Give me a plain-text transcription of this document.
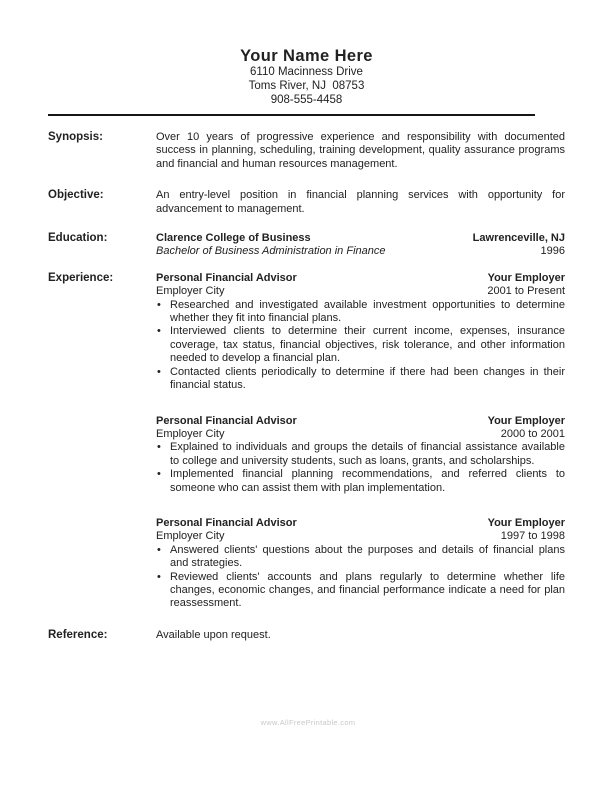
Your Name Here
6110 Macinness Drive
Toms River, NJ  08753
908-555-4458
Synopsis:	Over 10 years of progressive experience and responsibility with documented success in planning, scheduling, training development, quality assurance programs and financial and human resources management.
Objective:	An entry-level position in financial planning services with opportunity for advancement to management.
Education:	Clarence College of Business	Lawrenceville, NJ
Bachelor of Business Administration in Finance	1996
Experience:	Personal Financial Advisor	Your Employer
Employer City	2001 to Present
• Researched and investigated available investment opportunities to determine whether they fit into financial plans.
• Interviewed clients to determine their current income, expenses, insurance coverage, tax status, financial objectives, risk tolerance, and other information needed to develop a financial plan.
• Contacted clients periodically to determine if there had been changes in their financial status.
Personal Financial Advisor	Your Employer
Employer City	2000 to 2001
• Explained to individuals and groups the details of financial assistance available to college and university students, such as loans, grants, and scholarships.
• Implemented financial planning recommendations, and referred clients to someone who can assist them with plan implementation.
Personal Financial Advisor	Your Employer
Employer City	1997 to 1998
• Answered clients' questions about the purposes and details of financial plans and strategies.
• Reviewed clients' accounts and plans regularly to determine whether life changes, economic changes, and financial performance indicate a need for plan reassessment.
Reference:	Available upon request.
www.AllFreePrintable.com
